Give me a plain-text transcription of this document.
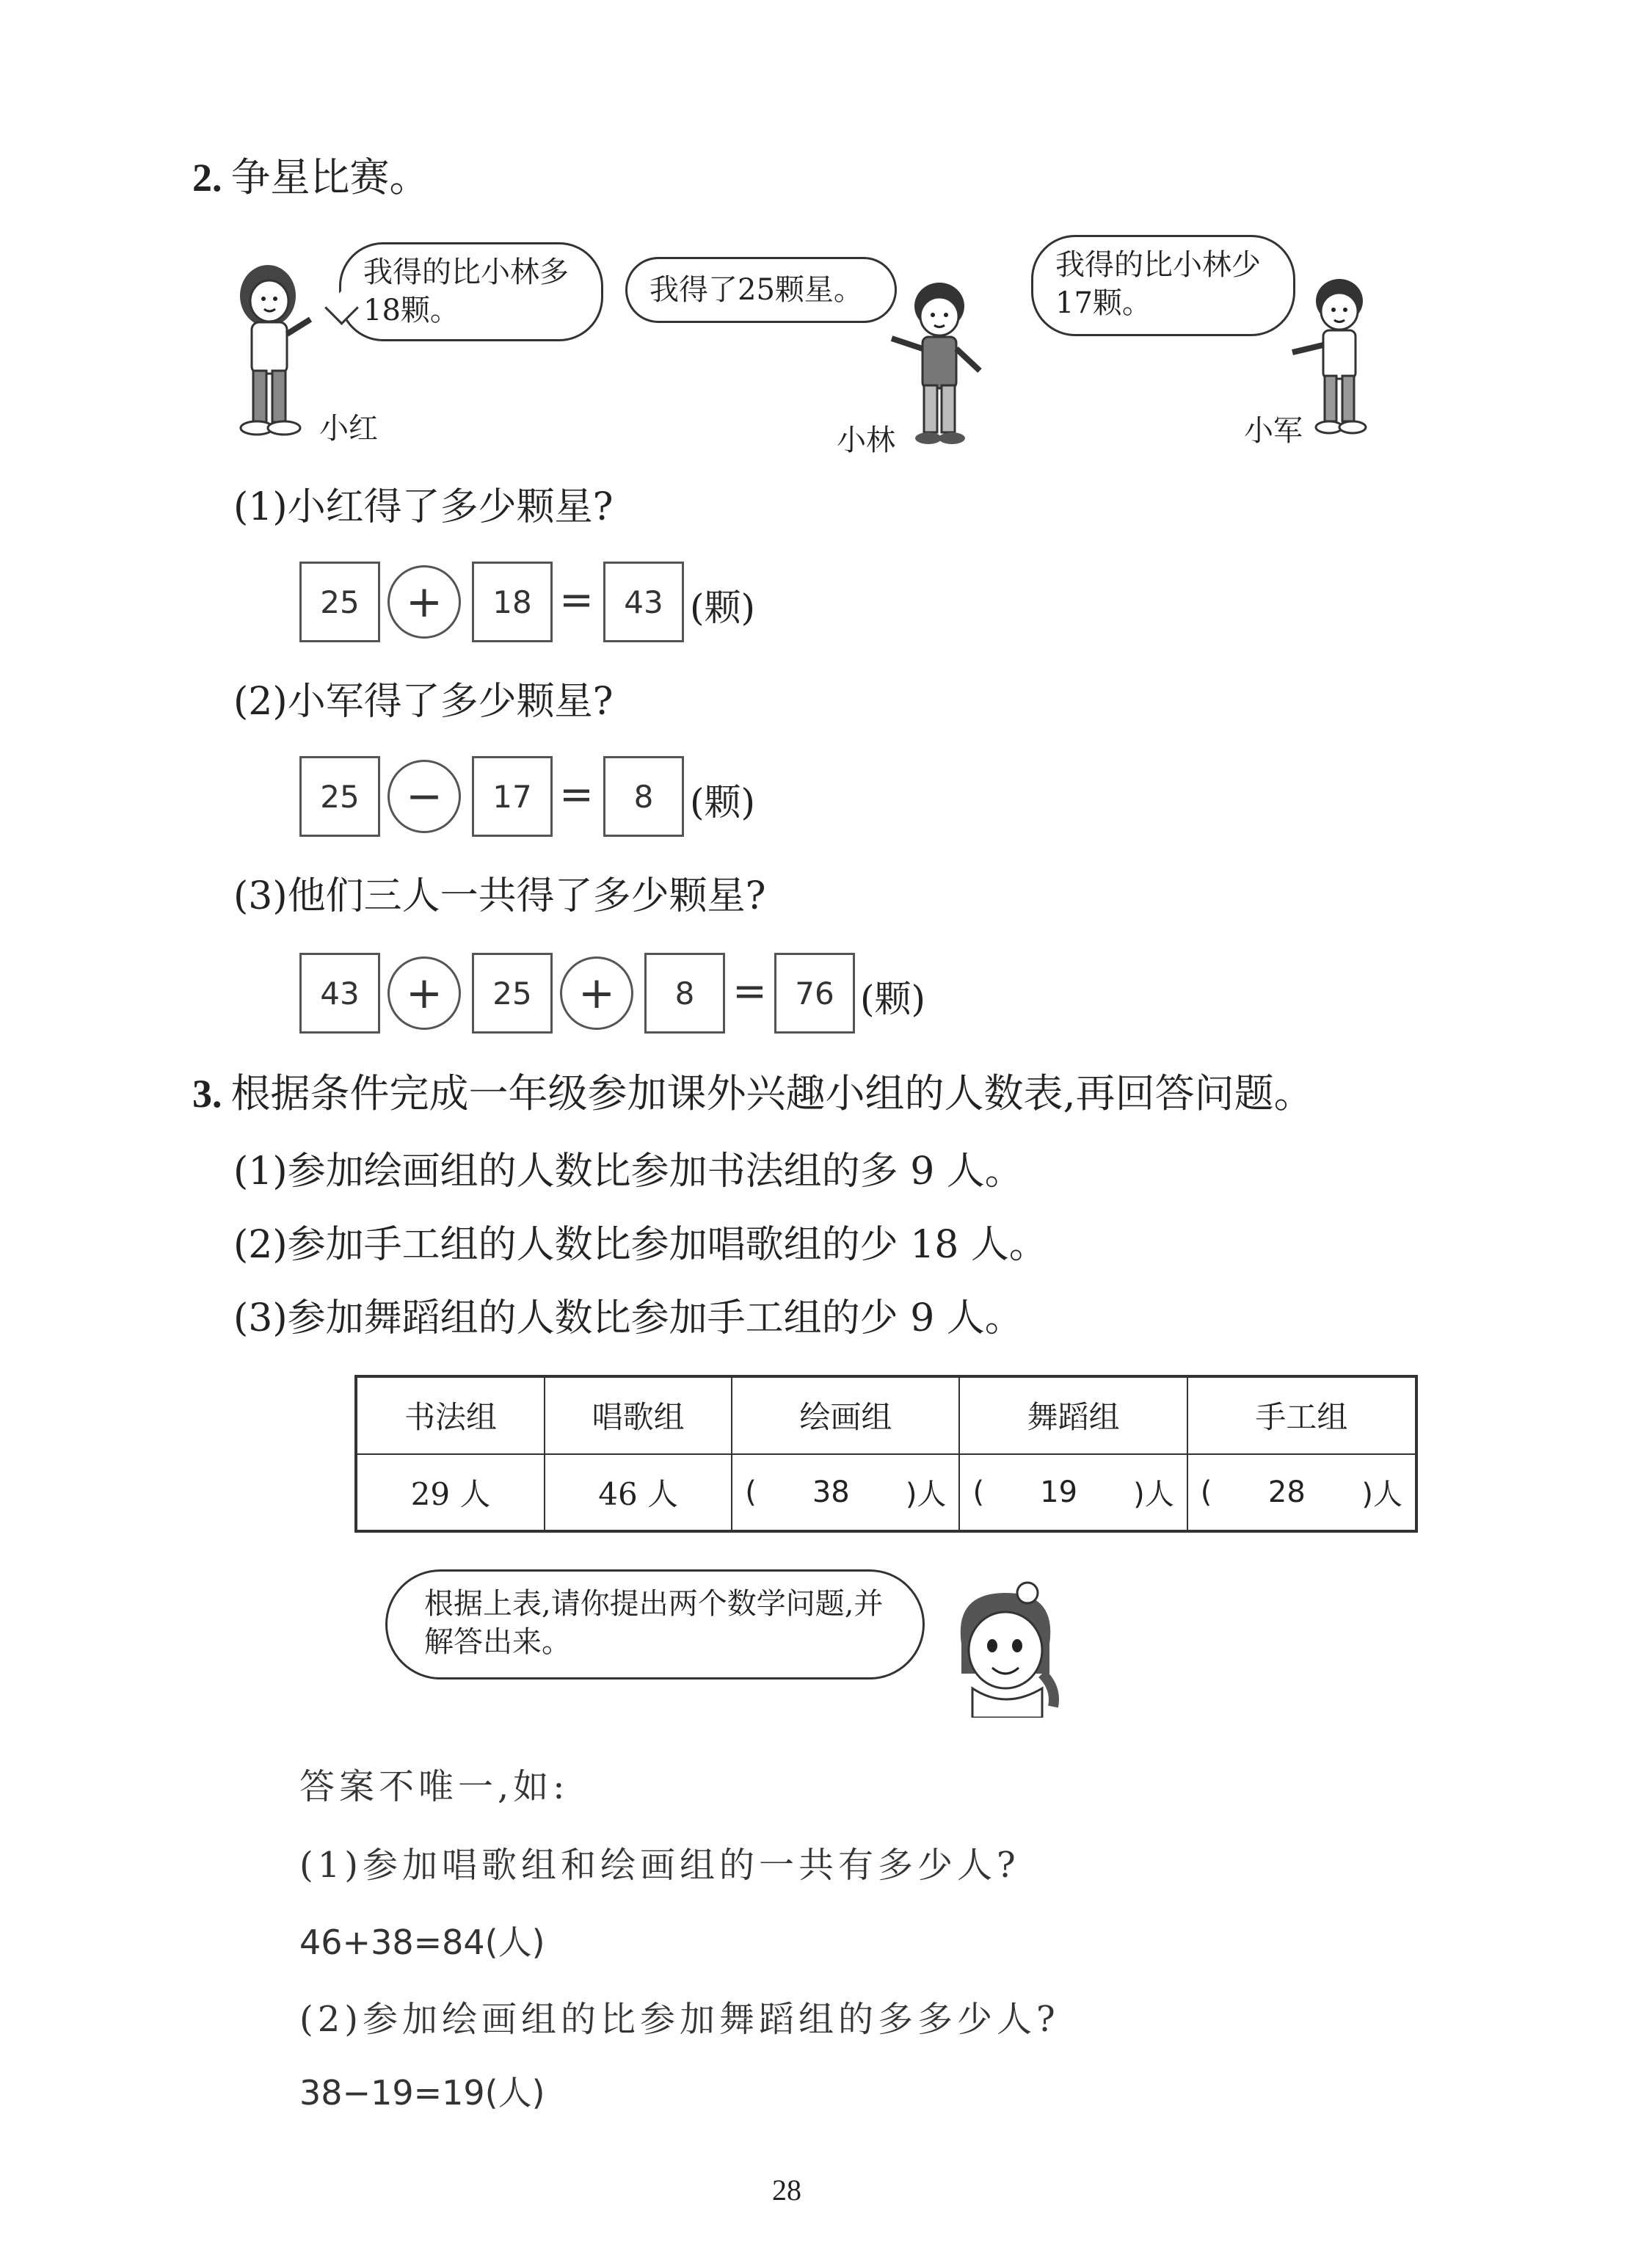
2. 争星比赛。
小红
我得的比小林多18颗。
我得了25颗星。
小林
我得的比小林少17颗。
小军
(1)小红得了多少颗星?
25	+	18 = 43 (颗)
(2)小军得了多少颗星?
25	−	17 =	8 (颗)
(3)他们三人一共得了多少颗星?
43	+	25	+	8 = 76 (颗)
3. 根据条件完成一年级参加课外兴趣小组的人数表,再回答问题。
(1)参加绘画组的人数比参加书法组的多 9 人。
(2)参加手工组的人数比参加唱歌组的少 18 人。
(3)参加舞蹈组的人数比参加手工组的少 9 人。
书法组	唱歌组	绘画组	舞蹈组	手工组
29 人	46 人	( 38 )人	( 19 )人	( 28 )人
根据上表,请你提出两个数学问题,并解答出来。
答案不唯一,如:
(1)参加唱歌组和绘画组的一共有多少人?
46+38=84(人)
(2)参加绘画组的比参加舞蹈组的多多少人?
38−19=19(人)
28
